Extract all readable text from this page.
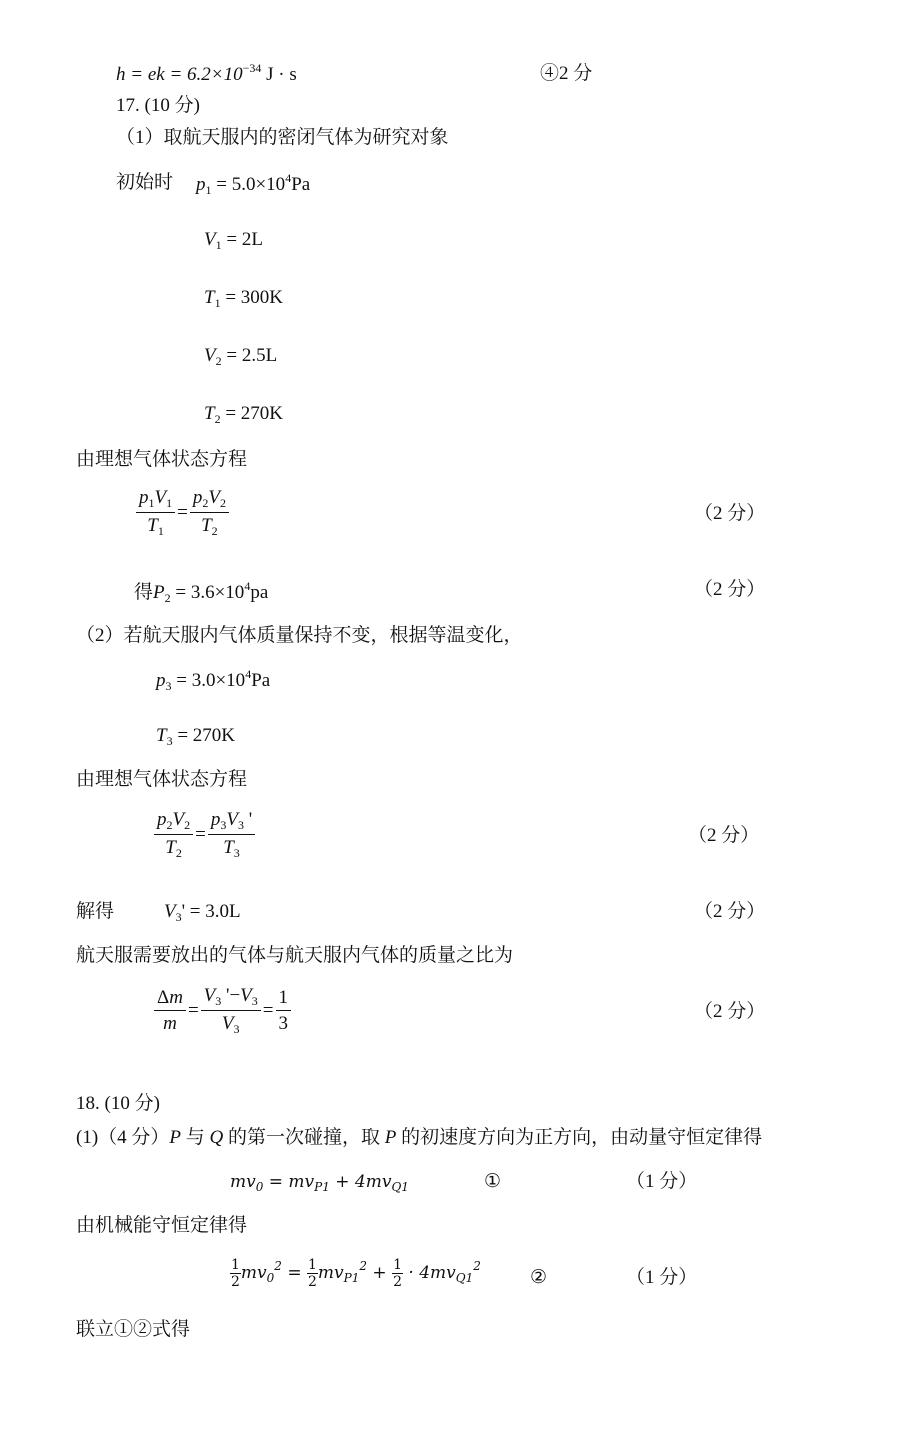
h = ek = $6.2\times 10^{-34}$ J · s	④2 分
17. (10 分)
（1）取航天服内的密闭气体为研究对象
初始时 $p_1 = 5.0\times 10^4Pa$
$V_1 = 2L$
$T_1 = 300K$
$V_2 = 2.5L$
$T_2 = 270K$
由理想气体状态方程
$\frac{p_1V_1}{T_1} = \frac{p_2V_2}{T_2}$	（2 分）
得$P_2 = 3.6\times 10^4pa$	（2 分）
（2）若航天服内气体质量保持不变，根据等温变化，
$p_3 = 3.0\times 10^4Pa$
$T_3 = 270K$
由理想气体状态方程
$\frac{p_2V_2}{T_2} = \frac{p_3V_3 '}{T_3}$	（2 分）
解得	$V_3' = 3.0L$	（2 分）
航天服需要放出的气体与航天服内气体的质量之比为
$\frac{\Delta m}{m} = \frac{V_3 '-V_3}{V_3} = \frac{1}{3}$	（2 分）
18. (10 分)
(1)（4 分）P 与 Q 的第一次碰撞，取 P 的初速度方向为正方向，由动量守恒定律得
$mv_0 = mv_{P1} + 4mv_{Q1}$	①	（1 分）
由机械能守恒定律得
$\frac{1}{2} mv_0^2 = \frac{1}{2} mv_{P1}^2 + \frac{1}{2} \cdot 4mv_{Q1}^2$
②	（1 分）
联立①②式得
